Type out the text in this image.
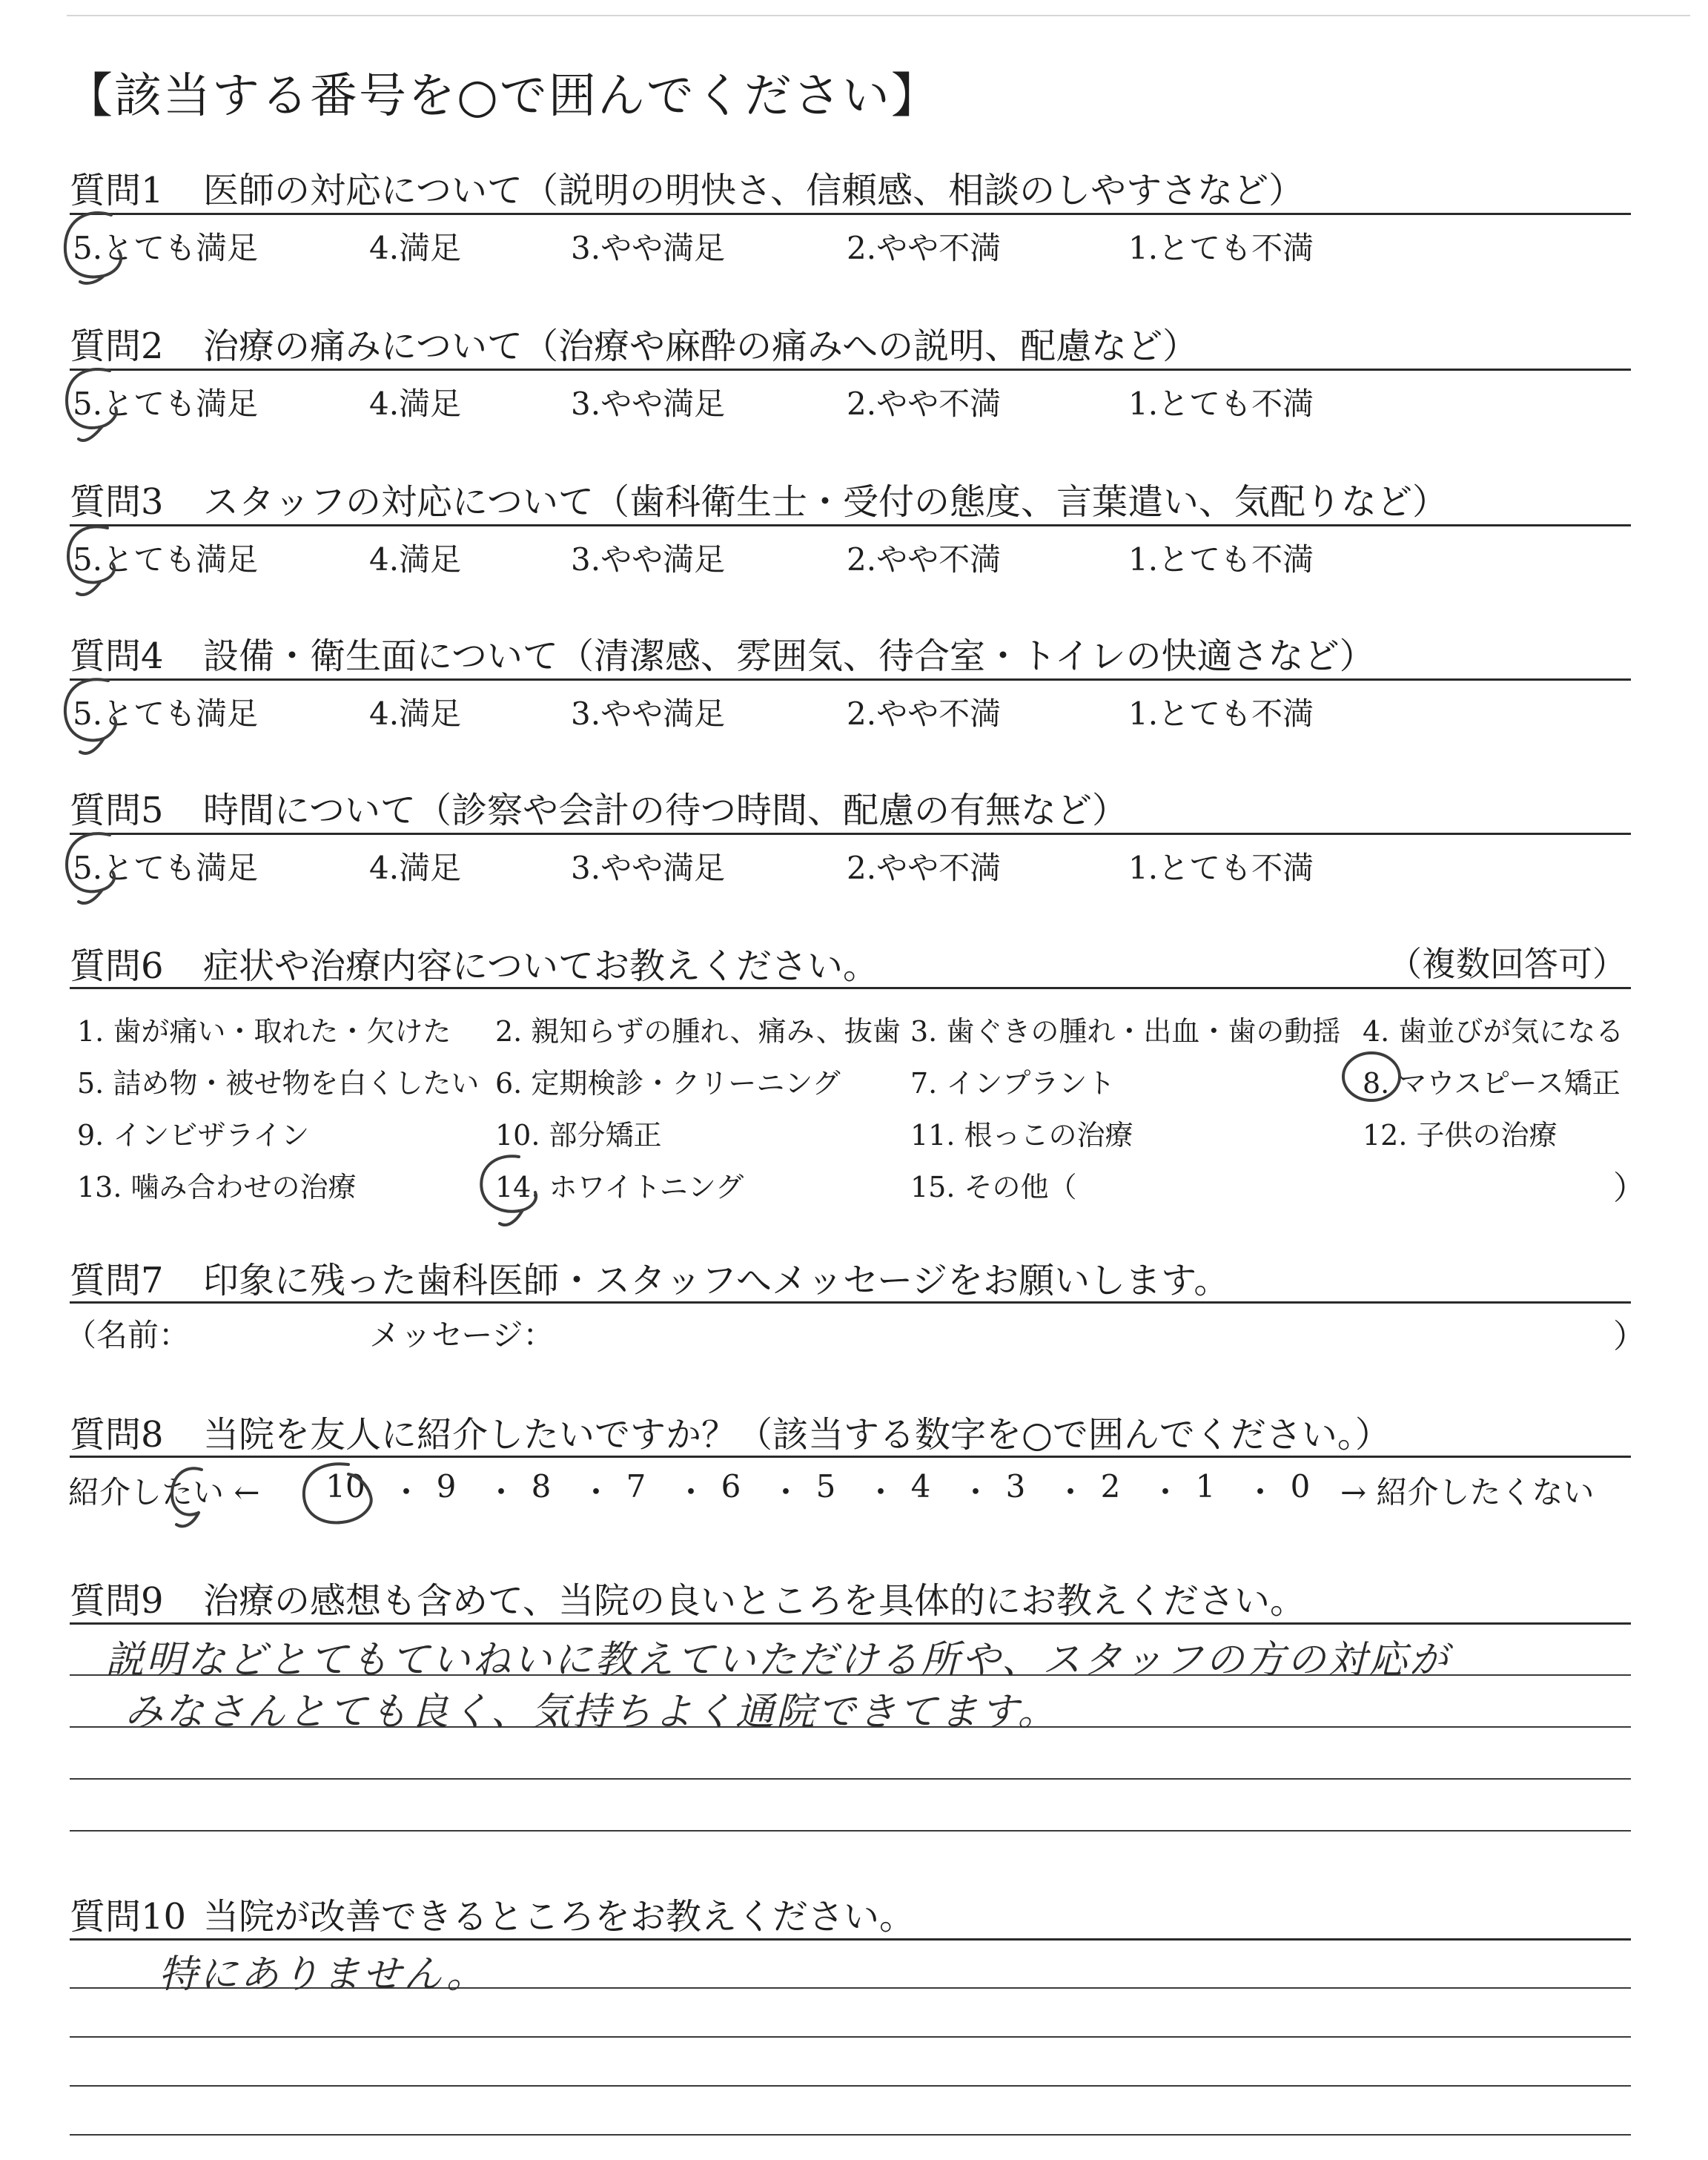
【該当する番号を○で囲んでください】
質問1 医師の対応について（説明の明快さ、信頼感、相談のしやすさなど）
5.とても満足	4.満足	3.やや満足	2.やや不満	1.とても不満
質問2 治療の痛みについて（治療や麻酔の痛みへの説明、配慮など）
5.とても満足	4.満足	3.やや満足	2.やや不満	1.とても不満
質問3 スタッフの対応について（歯科衛生士・受付の態度、言葉遣い、気配りなど）
5.とても満足	4.満足	3.やや満足	2.やや不満	1.とても不満
質問4 設備・衛生面について（清潔感、雰囲気、待合室・トイレの快適さなど）
5.とても満足	4.満足	3.やや満足	2.やや不満	1.とても不満
質問5 時間について（診察や会計の待つ時間、配慮の有無など）
5.とても満足	4.満足	3.やや満足	2.やや不満	1.とても不満
質問6 症状や治療内容についてお教えください。	（複数回答可）
1. 歯が痛い・取れた・欠けた 2. 親知らずの腫れ、痛み、抜歯 3. 歯ぐきの腫れ・出血・歯の動揺 4. 歯並びが気になる
5. 詰め物・被せ物を白くしたい 6. 定期検診・クリーニング 7. インプラント	8. マウスピース矯正
9. インビザライン	10. 部分矯正	11. 根っこの治療	12. 子供の治療
13. 噛み合わせの治療	14. ホワイトニング	15. その他（	）
質問7 印象に残った歯科医師・スタッフへメッセージをお願いします。
（名前：	メッセージ：	）
質問8 当院を友人に紹介したいですか？（該当する数字を○で囲んでください。）
紹介したい ← 10 ・ 9 ・ 8 ・ 7 ・ 6 ・ 5 ・ 4 ・ 3 ・ 2 ・ 1 ・ 0 → 紹介したくない
質問9 治療の感想も含めて、当院の良いところを具体的にお教えください。
説明などとてもていねいに教えていただける所や、スタッフの方の対応が
みなさんとても良く、気持ちよく通院できてます。
質問10 当院が改善できるところをお教えください。
特にありません。
